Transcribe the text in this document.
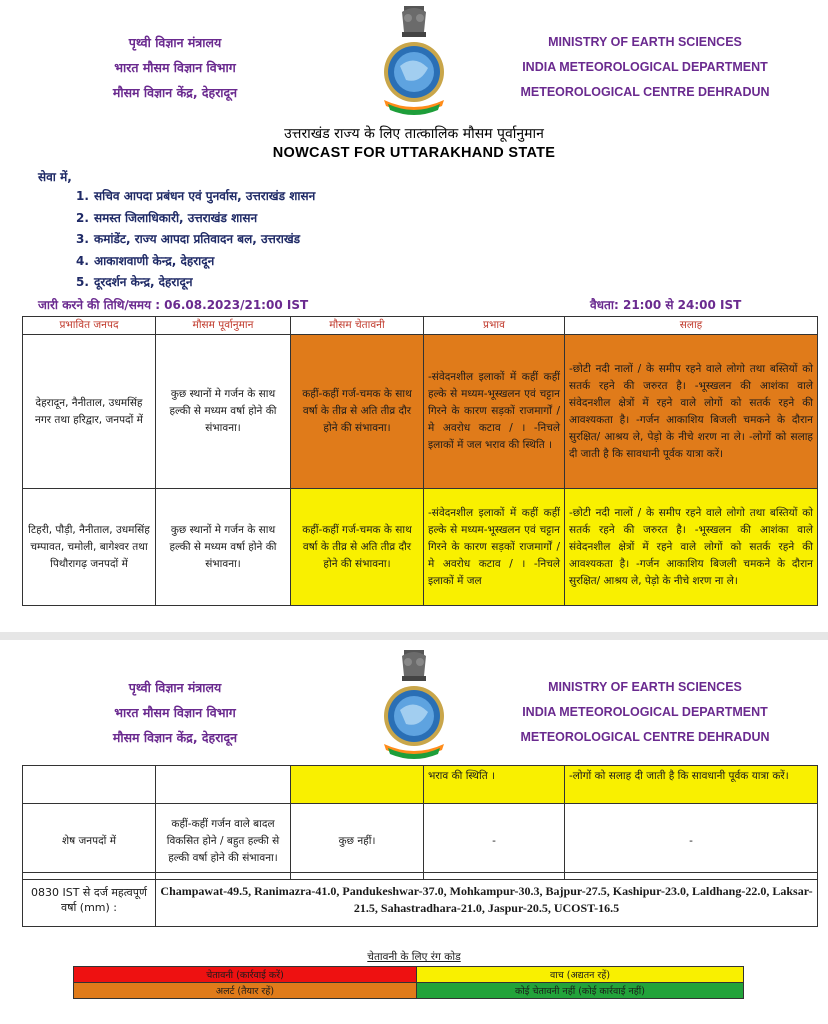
पृथ्वी विज्ञान मंत्रालय
भारत मौसम विज्ञान विभाग
मौसम विज्ञान केंद्र, देहरादून
MINISTRY OF EARTH SCIENCES
INDIA METEOROLOGICAL DEPARTMENT
METEOROLOGICAL CENTRE DEHRADUN
उत्तराखंड राज्य के लिए तात्कालिक मौसम पूर्वानुमान
NOWCAST FOR UTTARAKHAND STATE
सेवा में,
1. सचिव आपदा प्रबंधन एवं पुनर्वास, उत्तराखंड शासन
2. समस्त जिलाधिकारी, उत्तराखंड शासन
3. कमांडेंट, राज्य आपदा प्रतिवादन बल, उत्तराखंड
4. आकाशवाणी केन्द्र, देहरादून
5. दूरदर्शन केन्द्र, देहरादून
जारी करने की तिथि/समय : 06.08.2023/21:00 IST	वैधता: 21:00 से 24:00 IST
प्रभावित जनपद	मौसम पूर्वानुमान	मौसम चेतावनी	प्रभाव	सलाह
देहरादून, नैनीताल, उधमसिंह नगर तथा हरिद्वार, जनपदों में	कुछ स्थानों मे गर्जन के साथ हल्की से मध्यम वर्षा होने की संभावना।	कहीं-कहीं गर्ज-चमक के साथ वर्षा के तीव्र से अति तीव्र दौर होने की संभावना।	-संवेदनशील इलाकों में कहीं कहीं हल्के से मध्यम-भूस्खलन एवं चट्टान गिरने के कारण सड़कों राजमार्गों / मे अवरोध कटाव / । -निचले इलाकों में जल भराव की स्थिति ।	-छोटी नदी नालों / के समीप रहने वाले लोगो तथा बस्तियों को सतर्क रहने की जरुरत है। -भूस्खलन की आशंका वाले संवेदनशील क्षेत्रों में रहने वाले लोगों को सतर्क रहने की आवश्यकता है। -गर्जन आकाशिय बिजली चमकने के दौरान सुरक्षित/ आश्रय ले, पेड़ो के नीचे शरण ना ले। -लोगों को सलाह दी जाती है कि सावधानी पूर्वक यात्रा करें।
टिहरी, पौड़ी, नैनीताल, उधमसिंह चम्पावत, चमोली, बागेश्वर तथा पिथौरागढ़ जनपदों में	कुछ स्थानों मे गर्जन के साथ हल्की से मध्यम वर्षा होने की संभावना।	कहीं-कहीं गर्ज-चमक के साथ वर्षा के तीव्र से अति तीव्र दौर होने की संभावना।	-संवेदनशील इलाकों में कहीं कहीं हल्के से मध्यम-भूस्खलन एवं चट्टान गिरने के कारण सड़कों राजमार्गों / मे अवरोध कटाव / । -निचले इलाकों में जल	-छोटी नदी नालों / के समीप रहने वाले लोगो तथा बस्तियों को सतर्क रहने की जरुरत है। -भूस्खलन की आशंका वाले संवेदनशील क्षेत्रों में रहने वाले लोगों को सतर्क रहने की आवश्यकता है। -गर्जन आकाशिय बिजली चमकने के दौरान सुरक्षित/ आश्रय ले, पेड़ो के नीचे शरण ना ले।
पृथ्वी विज्ञान मंत्रालय
भारत मौसम विज्ञान विभाग
मौसम विज्ञान केंद्र, देहरादून
MINISTRY OF EARTH SCIENCES
INDIA METEOROLOGICAL DEPARTMENT
METEOROLOGICAL CENTRE DEHRADUN
			भराव की स्थिति ।	-लोगों को सलाह दी जाती है कि सावधानी पूर्वक यात्रा करें।
शेष जनपदों में	कहीं-कहीं गर्जन वाले बादल विकसित होने / बहुत हल्की से हल्की वर्षा होने की संभावना।	कुछ नहीं।	-	-
0830 IST से दर्ज महत्वपूर्ण वर्षा (mm) :	Champawat-49.5, Ranimazra-41.0, Pandukeshwar-37.0, Mohkampur-30.3, Bajpur-27.5, Kashipur-23.0, Laldhang-22.0, Laksar-21.5, Sahastradhara-21.0, Jaspur-20.5, UCOST-16.5
चेतावनी के लिए रंग कोड
चेतावनी (कार्रवाई करें)	वाच (अद्यतन रहें)
अलर्ट (तैयार रहें)	कोई चेतावनी नहीं (कोई कार्रवाई नहीं)
